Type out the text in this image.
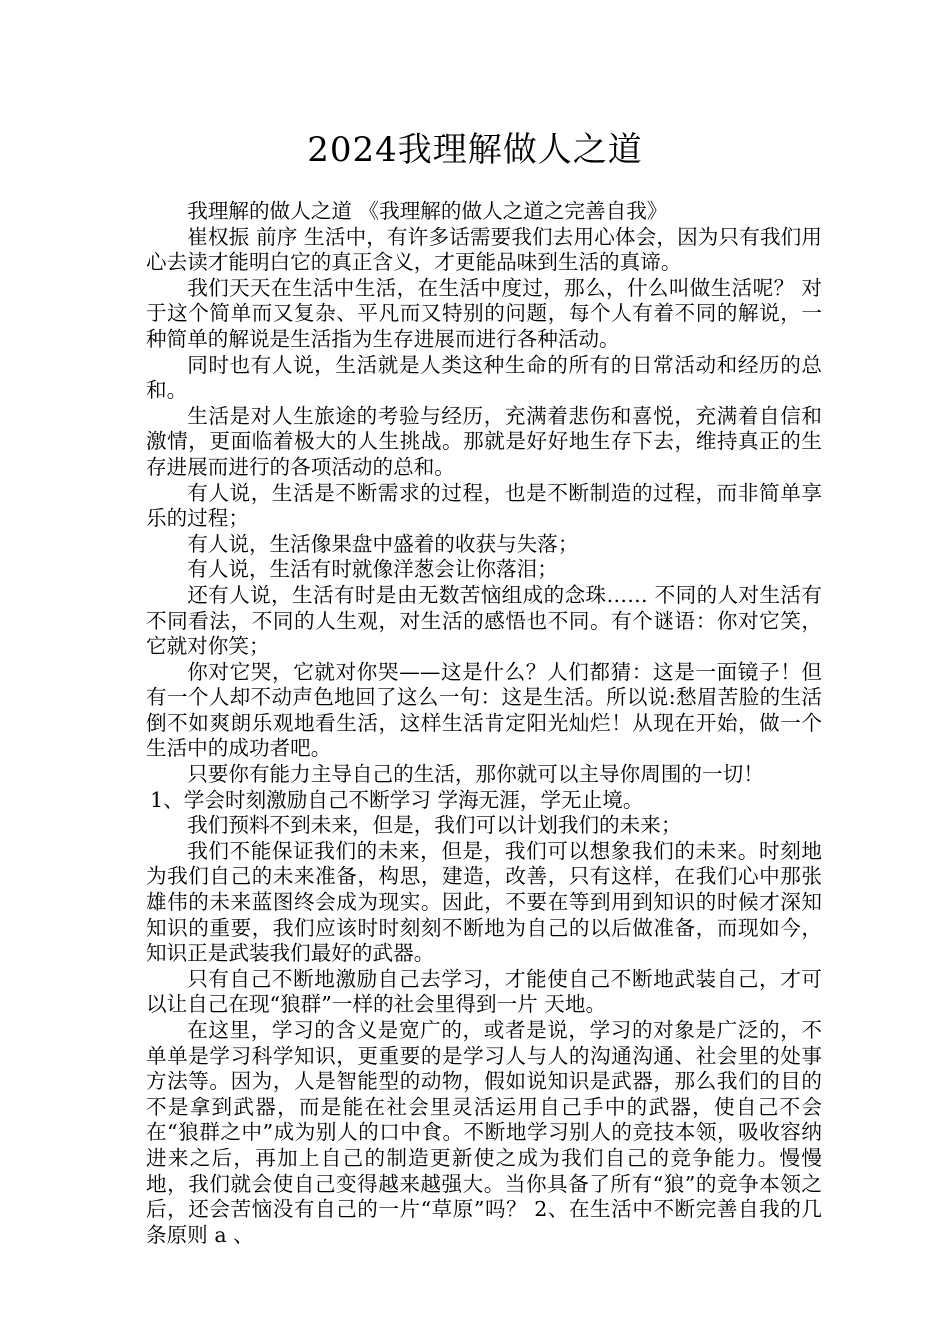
2024我理解做人之道

我理解的做人之道 《我理解的做人之道之完善自我》

崔权振 前序 生活中，有许多话需要我们去用心体会，因为只有我们用心去读才能明白它的真正含义，才更能品味到生活的真谛。

我们天天在生活中生活，在生活中度过，那么，什么叫做生活呢？ 对于这个简单而又复杂、平凡而又特别的问题，每个人有着不同的解说，一种简单的解说是生活指为生存进展而进行各种活动。

同时也有人说，生活就是人类这种生命的所有的日常活动和经历的总和。

生活是对人生旅途的考验与经历，充满着悲伤和喜悦，充满着自信和激情，更面临着极大的人生挑战。那就是好好地生存下去，维持真正的生存进展而进行的各项活动的总和。

有人说，生活是不断需求的过程，也是不断制造的过程，而非简单享乐的过程；

有人说，生活像果盘中盛着的收获与失落；

有人说，生活有时就像洋葱会让你落泪；

还有人说，生活有时是由无数苦恼组成的念珠…… 不同的人对生活有不同看法，不同的人生观，对生活的感悟也不同。有个谜语：你对它笑，它就对你笑；

你对它哭，它就对你哭——这是什么？人们都猜：这是一面镜子！但有一个人却不动声色地回了这么一句：这是生活。所以说:愁眉苦脸的生活倒不如爽朗乐观地看生活，这样生活肯定阳光灿烂！从现在开始，做一个生活中的成功者吧。

只要你有能力主导自己的生活，那你就可以主导你周围的一切！

1、学会时刻激励自己不断学习 学海无涯，学无止境。

我们预料不到未来，但是，我们可以计划我们的未来；

我们不能保证我们的未来，但是，我们可以想象我们的未来。时刻地为我们自己的未来准备，构思，建造，改善，只有这样，在我们心中那张雄伟的未来蓝图终会成为现实。因此，不要在等到用到知识的时候才深知知识的重要，我们应该时时刻刻不断地为自己的以后做准备，而现如今，知识正是武装我们最好的武器。

只有自己不断地激励自己去学习，才能使自己不断地武装自己，才可以让自己在现“狼群”一样的社会里得到一片 天地。

在这里，学习的含义是宽广的，或者是说，学习的对象是广泛的，不单单是学习科学知识，更重要的是学习人与人的沟通沟通、社会里的处事方法等。因为，人是智能型的动物，假如说知识是武器，那么我们的目的不是拿到武器，而是能在社会里灵活运用自己手中的武器，使自己不会在“狼群之中”成为别人的口中食。不断地学习别人的竞技本领，吸收容纳进来之后，再加上自己的制造更新使之成为我们自己的竞争能力。慢慢地，我们就会使自己变得越来越强大。当你具备了所有“狼”的竞争本领之后，还会苦恼没有自己的一片“草原”吗？ 2、在生活中不断完善自我的几条原则 a 、
